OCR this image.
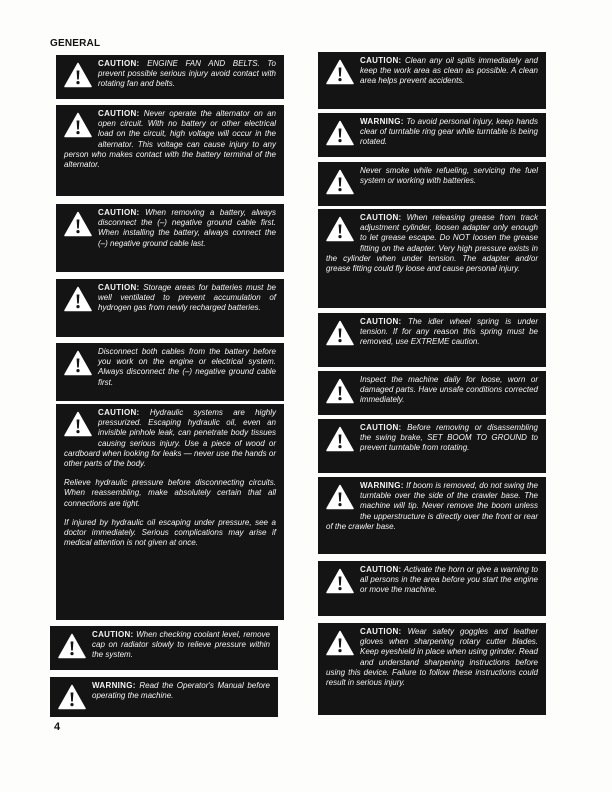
GENERAL
CAUTION: ENGINE FAN AND BELTS. To prevent possible serious injury avoid contact with rotating fan and belts.
CAUTION: Never operate the alternator on an open circuit. With no battery or other electrical load on the circuit, high voltage will occur in the alternator. This voltage can cause injury to any person who makes contact with the battery terminal of the alternator.
CAUTION: When removing a battery, always disconnect the (–) negative ground cable first. When installing the battery, always connect the (–) negative ground cable last.
CAUTION: Storage areas for batteries must be well ventilated to prevent accumulation of hydrogen gas from newly recharged batteries.
Disconnect both cables from the battery before you work on the engine or electrical system. Always disconnect the (–) negative ground cable first.
CAUTION: Hydraulic systems are highly pressurized. Escaping hydraulic oil, even an invisible pinhole leak, can penetrate body tissues causing serious injury. Use a piece of wood or cardboard when looking for leaks — never use the hands or other parts of the body.
Relieve hydraulic pressure before disconnecting circuits. When reassembling, make absolutely certain that all connections are tight.
If injured by hydraulic oil escaping under pressure, see a doctor immediately. Serious complications may arise if medical attention is not given at once.
CAUTION: When checking coolant level, remove cap on radiator slowly to relieve pressure within the system.
WARNING: Read the Operator's Manual before operating the machine.
4
CAUTION: Clean any oil spills immediately and keep the work area as clean as possible. A clean area helps prevent accidents.
WARNING: To avoid personal injury, keep hands clear of turntable ring gear while turntable is being rotated.
Never smoke while refueling, servicing the fuel system or working with batteries.
CAUTION: When releasing grease from track adjustment cylinder, loosen adapter only enough to let grease escape. Do NOT loosen the grease fitting on the adapter. Very high pressure exists in the cylinder when under tension. The adapter and/or grease fitting could fly loose and cause personal injury.
CAUTION: The idler wheel spring is under tension. If for any reason this spring must be removed, use EXTREME caution.
Inspect the machine daily for loose, worn or damaged parts. Have unsafe conditions corrected immediately.
CAUTION: Before removing or disassembling the swing brake, SET BOOM TO GROUND to prevent turntable from rotating.
WARNING: If boom is removed, do not swing the turntable over the side of the crawler base. The machine will tip. Never remove the boom unless the upperstructure is directly over the front or rear of the crawler base.
CAUTION: Activate the horn or give a warning to all persons in the area before you start the engine or move the machine.
CAUTION: Wear safety goggles and leather gloves when sharpening rotary cutter blades. Keep eyeshield in place when using grinder. Read and understand sharpening instructions before using this device. Failure to follow these instructions could result in serious injury.
